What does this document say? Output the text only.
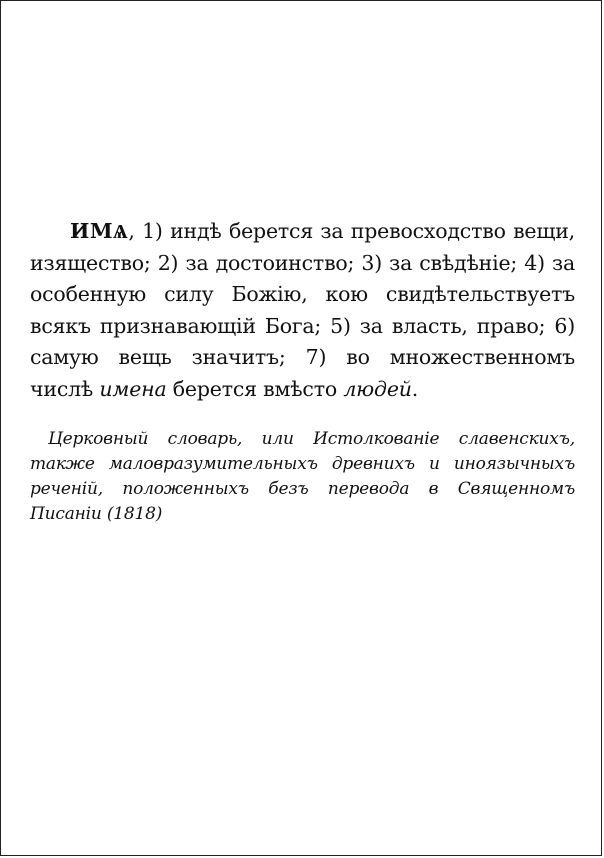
ИМѦ, 1) индѣ берется за превосходство вещи, изящество; 2) за достоинство; 3) за свѣдѣніе; 4) за особенную силу Божію, кою свидѣтельствуетъ всякъ признавающій Бога; 5) за власть, право; 6) самую вещь значитъ; 7) во множественномъ числѣ имена берется вмѣсто людей.

Церковный словарь, или Истолкованіе славенскихъ, также маловразумительныхъ древнихъ и иноязычныхъ реченій, положенныхъ безъ перевода в Священномъ Писаніи (1818)
